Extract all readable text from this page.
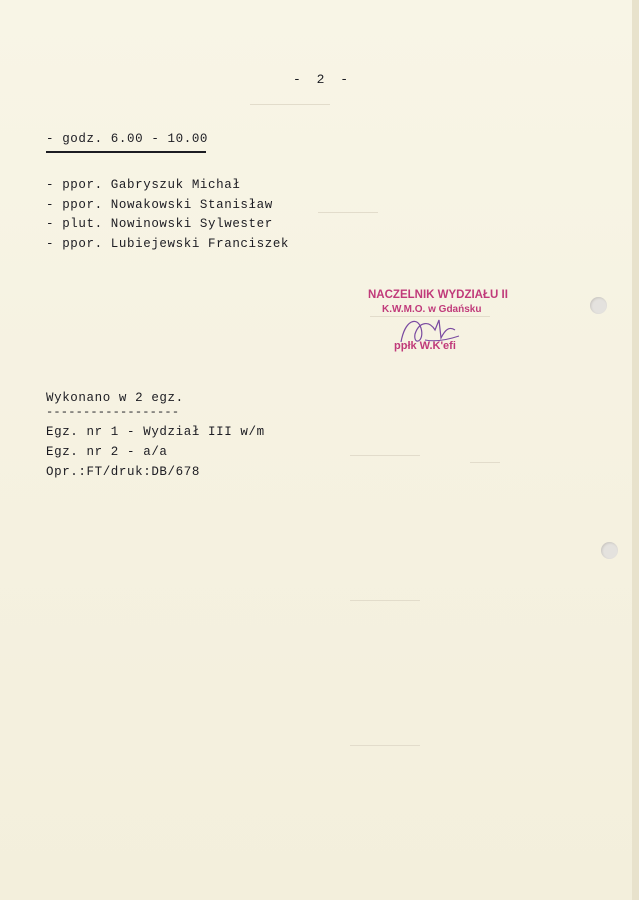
- 2 -
- godz. 6.00 - 10.00
- ppor. Gabryszuk Michał
- ppor. Nowakowski Stanisław
- plut. Nowinowski Sylwester
- ppor. Lubiejewski Franciszek
NACZELNIK WYDZIAŁU II
K.W.M.O. w Gdańsku
ppłk W.K'efi
Wykonano w 2 egz.
------------------
Egz. nr 1 - Wydział III w/m
Egz. nr 2 - a/a
Opr.:FT/druk:DB/678
